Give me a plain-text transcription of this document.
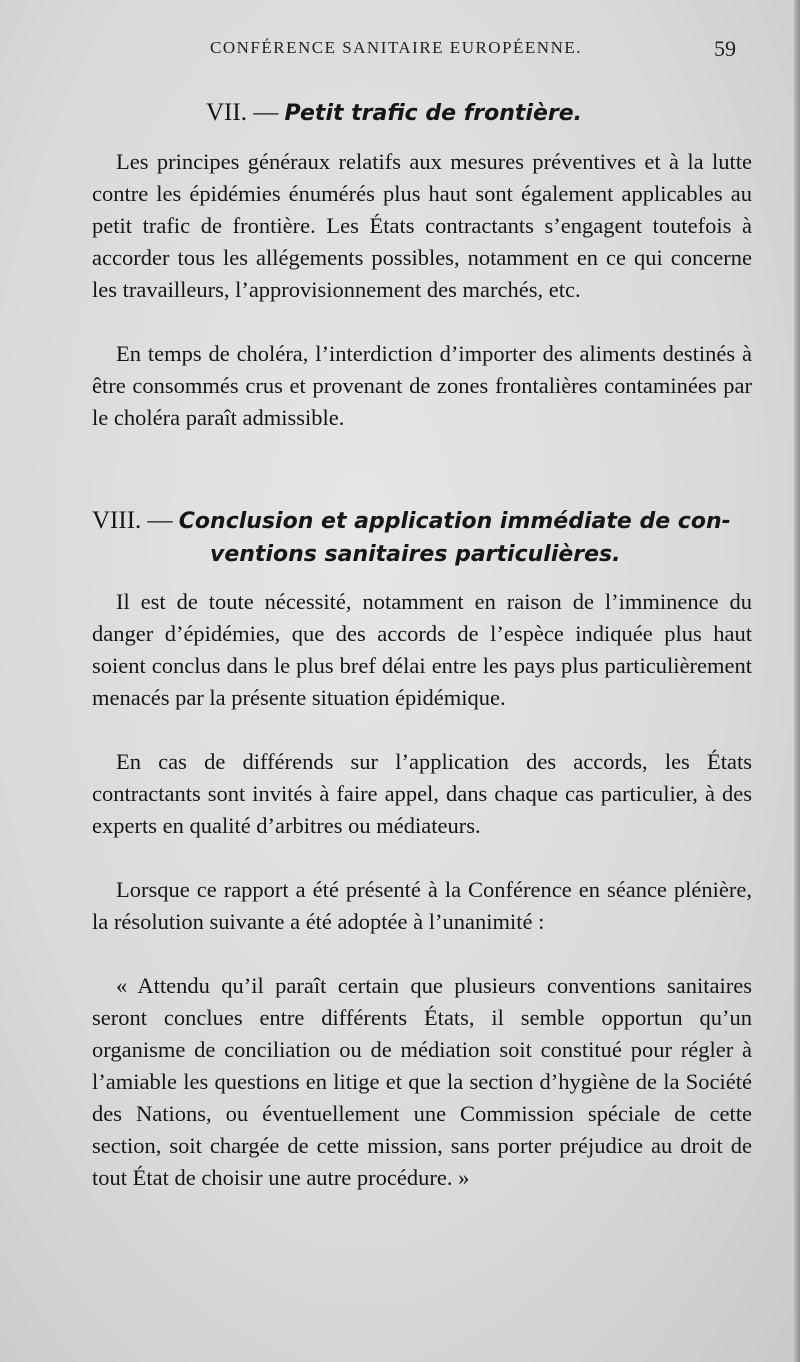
CONFÉRENCE SANITAIRE EUROPÉENNE.	59
VII. — Petit trafic de frontière.

Les principes généraux relatifs aux mesures préventives et à la lutte contre les épidémies énumérés plus haut sont également applicables au petit trafic de frontière. Les États contractants s’engagent toutefois à accorder tous les allégements possibles, notamment en ce qui concerne les travailleurs, l’approvisionnement des marchés, etc.

En temps de choléra, l’interdiction d’importer des aliments destinés à être consommés crus et provenant de zones frontalières contaminées par le choléra paraît admissible.

VIII. — Conclusion et application immédiate de con-
ventions sanitaires particulières.

Il est de toute nécessité, notamment en raison de l’imminence du danger d’épidémies, que des accords de l’espèce indiquée plus haut soient conclus dans le plus bref délai entre les pays plus particulièrement menacés par la présente situation épidémique.

En cas de différends sur l’application des accords, les États contractants sont invités à faire appel, dans chaque cas particulier, à des experts en qualité d’arbitres ou médiateurs.

Lorsque ce rapport a été présenté à la Conférence en séance plénière, la résolution suivante a été adoptée à l’unanimité :

« Attendu qu’il paraît certain que plusieurs conventions sanitaires seront conclues entre différents États, il semble opportun qu’un organisme de conciliation ou de médiation soit constitué pour régler à l’amiable les questions en litige et que la section d’hygiène de la Société des Nations, ou éventuellement une Commission spéciale de cette section, soit chargée de cette mission, sans porter préjudice au droit de tout État de choisir une autre procédure. »
